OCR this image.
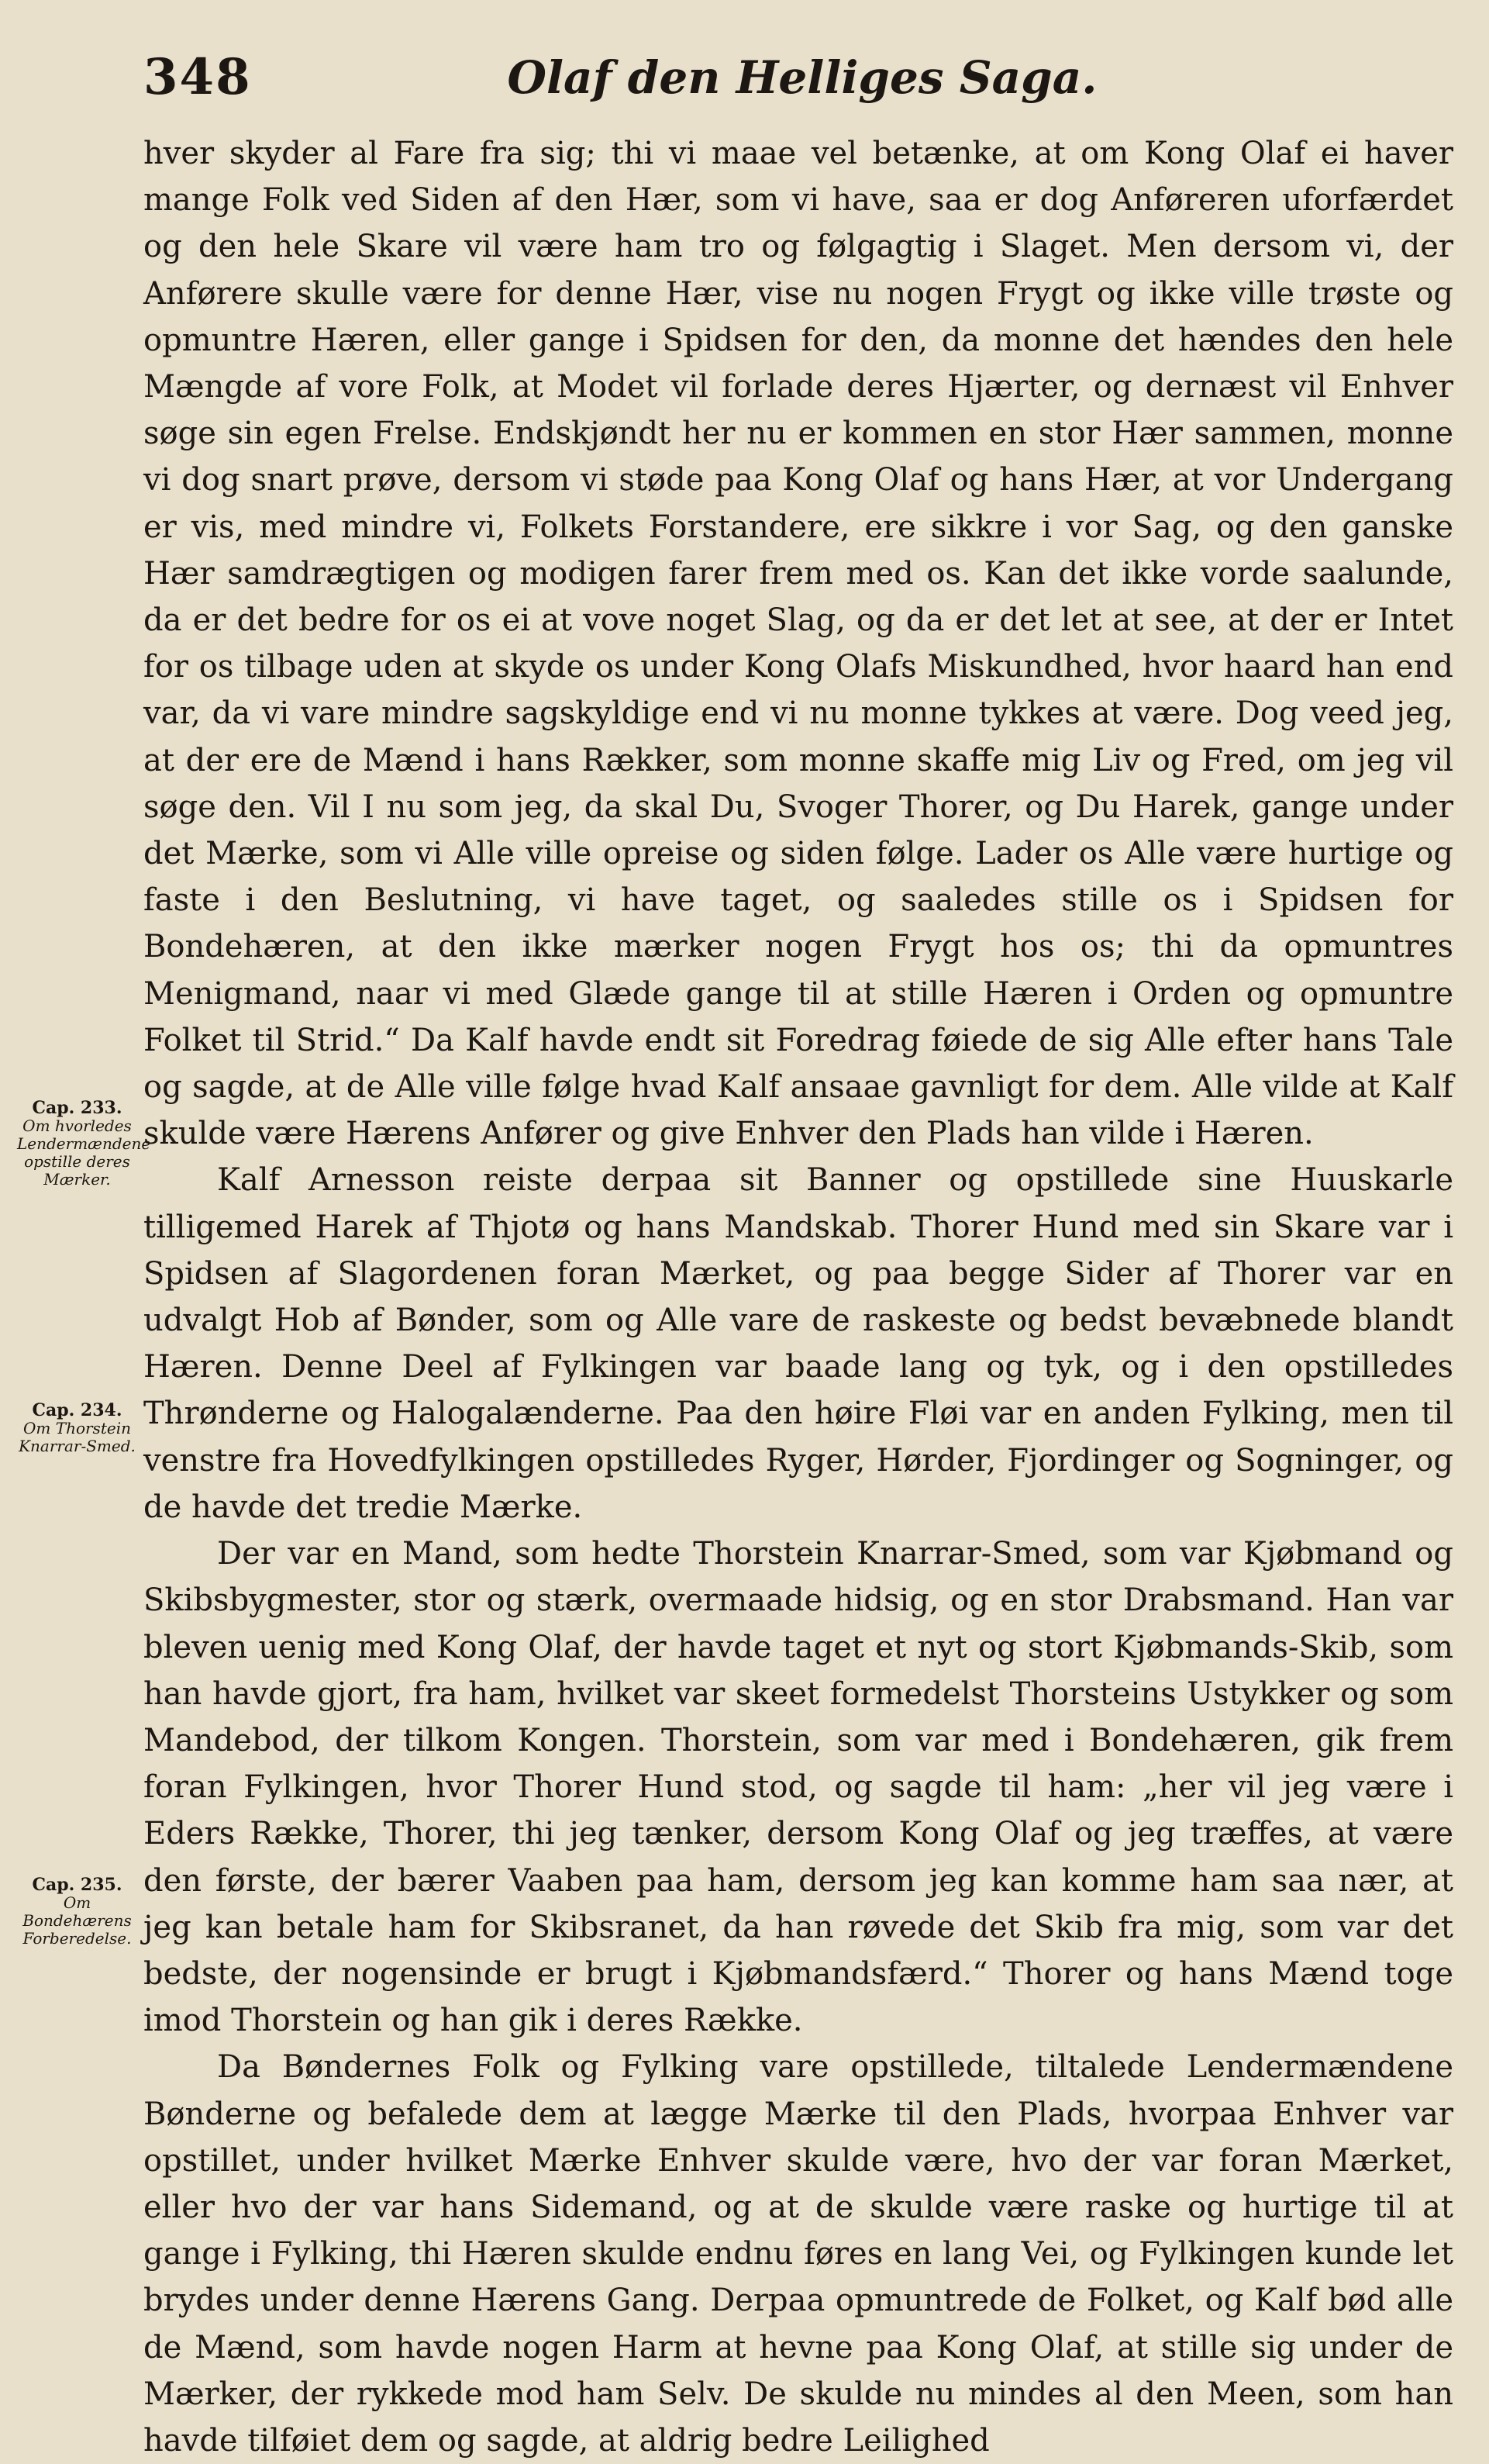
348	Olaf den Helliges Saga.

hver skyder al Fare fra sig; thi vi maae vel betænke, at om Kong Olaf ei haver mange Folk ved Siden af den Hær, som vi have, saa er dog Anføreren uforfærdet og den hele Skare vil være ham tro og følgagtig i Slaget. Men dersom vi, der Anførere skulle være for denne Hær, vise nu nogen Frygt og ikke ville trøste og opmuntre Hæren, eller gange i Spidsen for den, da monne det hændes den hele Mængde af vore Folk, at Modet vil forlade deres Hjærter, og dernæst vil Enhver søge sin egen Frelse. Endskjøndt her nu er kommen en stor Hær sammen, monne vi dog snart prøve, dersom vi støde paa Kong Olaf og hans Hær, at vor Undergang er vis, med mindre vi, Folkets Forstandere, ere sikkre i vor Sag, og den ganske Hær samdrægtigen og modigen farer frem med os. Kan det ikke vorde saalunde, da er det bedre for os ei at vove noget Slag, og da er det let at see, at der er Intet for os tilbage uden at skyde os under Kong Olafs Miskundhed, hvor haard han end var, da vi vare mindre sagskyldige end vi nu monne tykkes at være. Dog veed jeg, at der ere de Mænd i hans Rækker, som monne skaffe mig Liv og Fred, om jeg vil søge den. Vil I nu som jeg, da skal Du, Svoger Thorer, og Du Harek, gange under det Mærke, som vi Alle ville opreise og siden følge. Lader os Alle være hurtige og faste i den Beslutning, vi have taget, og saaledes stille os i Spidsen for Bondehæren, at den ikke mærker nogen Frygt hos os; thi da opmuntres Menigmand, naar vi med Glæde gange til at stille Hæren i Orden og opmuntre Folket til Strid.“ Da Kalf havde endt sit Foredrag føiede de sig Alle efter hans Tale og sagde, at de Alle ville følge hvad Kalf ansaae gavnligt for dem. Alle vilde at Kalf skulde være Hærens Anfører og give Enhver den Plads han vilde i Hæren.

Kalf Arnesson reiste derpaa sit Banner og opstillede sine Huuskarle tilligemed Harek af Thjotø og hans Mandskab. Thorer Hund med sin Skare var i Spidsen af Slagordenen foran Mærket, og paa begge Sider af Thorer var en udvalgt Hob af Bønder, som og Alle vare de raskeste og bedst bevæbnede blandt Hæren. Denne Deel af Fylkingen var baade lang og tyk, og i den opstilledes Thrønderne og Halogalænderne. Paa den høire Fløi var en anden Fylking, men til venstre fra Hovedfylkingen opstilledes Ryger, Hørder, Fjordinger og Sogninger, og de havde det tredie Mærke.

Der var en Mand, som hedte Thorstein Knarrar-Smed, som var Kjøbmand og Skibsbygmester, stor og stærk, overmaade hidsig, og en stor Drabsmand. Han var bleven uenig med Kong Olaf, der havde taget et nyt og stort Kjøbmands-Skib, som han havde gjort, fra ham, hvilket var skeet formedelst Thorsteins Ustykker og som Mandebod, der tilkom Kongen. Thorstein, som var med i Bondehæren, gik frem foran Fylkingen, hvor Thorer Hund stod, og sagde til ham: „her vil jeg være i Eders Række, Thorer, thi jeg tænker, dersom Kong Olaf og jeg træffes, at være den første, der bærer Vaaben paa ham, dersom jeg kan komme ham saa nær, at jeg kan betale ham for Skibsranet, da han røvede det Skib fra mig, som var det bedste, der nogensinde er brugt i Kjøbmandsfærd.“ Thorer og hans Mænd toge imod Thorstein og han gik i deres Række.

Da Bøndernes Folk og Fylking vare opstillede, tiltalede Lendermændene Bønderne og befalede dem at lægge Mærke til den Plads, hvorpaa Enhver var opstillet, under hvilket Mærke Enhver skulde være, hvo der var foran Mærket, eller hvo der var hans Sidemand, og at de skulde være raske og hurtige til at gange i Fylking, thi Hæren skulde endnu føres en lang Vei, og Fylkingen kunde let brydes under denne Hærens Gang. Derpaa opmuntrede de Folket, og Kalf bød alle de Mænd, som havde nogen Harm at hevne paa Kong Olaf, at stille sig under de Mærker, der rykkede mod ham Selv. De skulde nu mindes al den Meen, som han havde tilføiet dem og sagde, at aldrig bedre Leilighed

Cap. 233.
Om hvorledes Lendermændene opstille deres Mærker.
Cap. 234.
Om Thorstein Knarrar-Smed.
Cap. 235.
Om Bondehærens Forberedelse.
